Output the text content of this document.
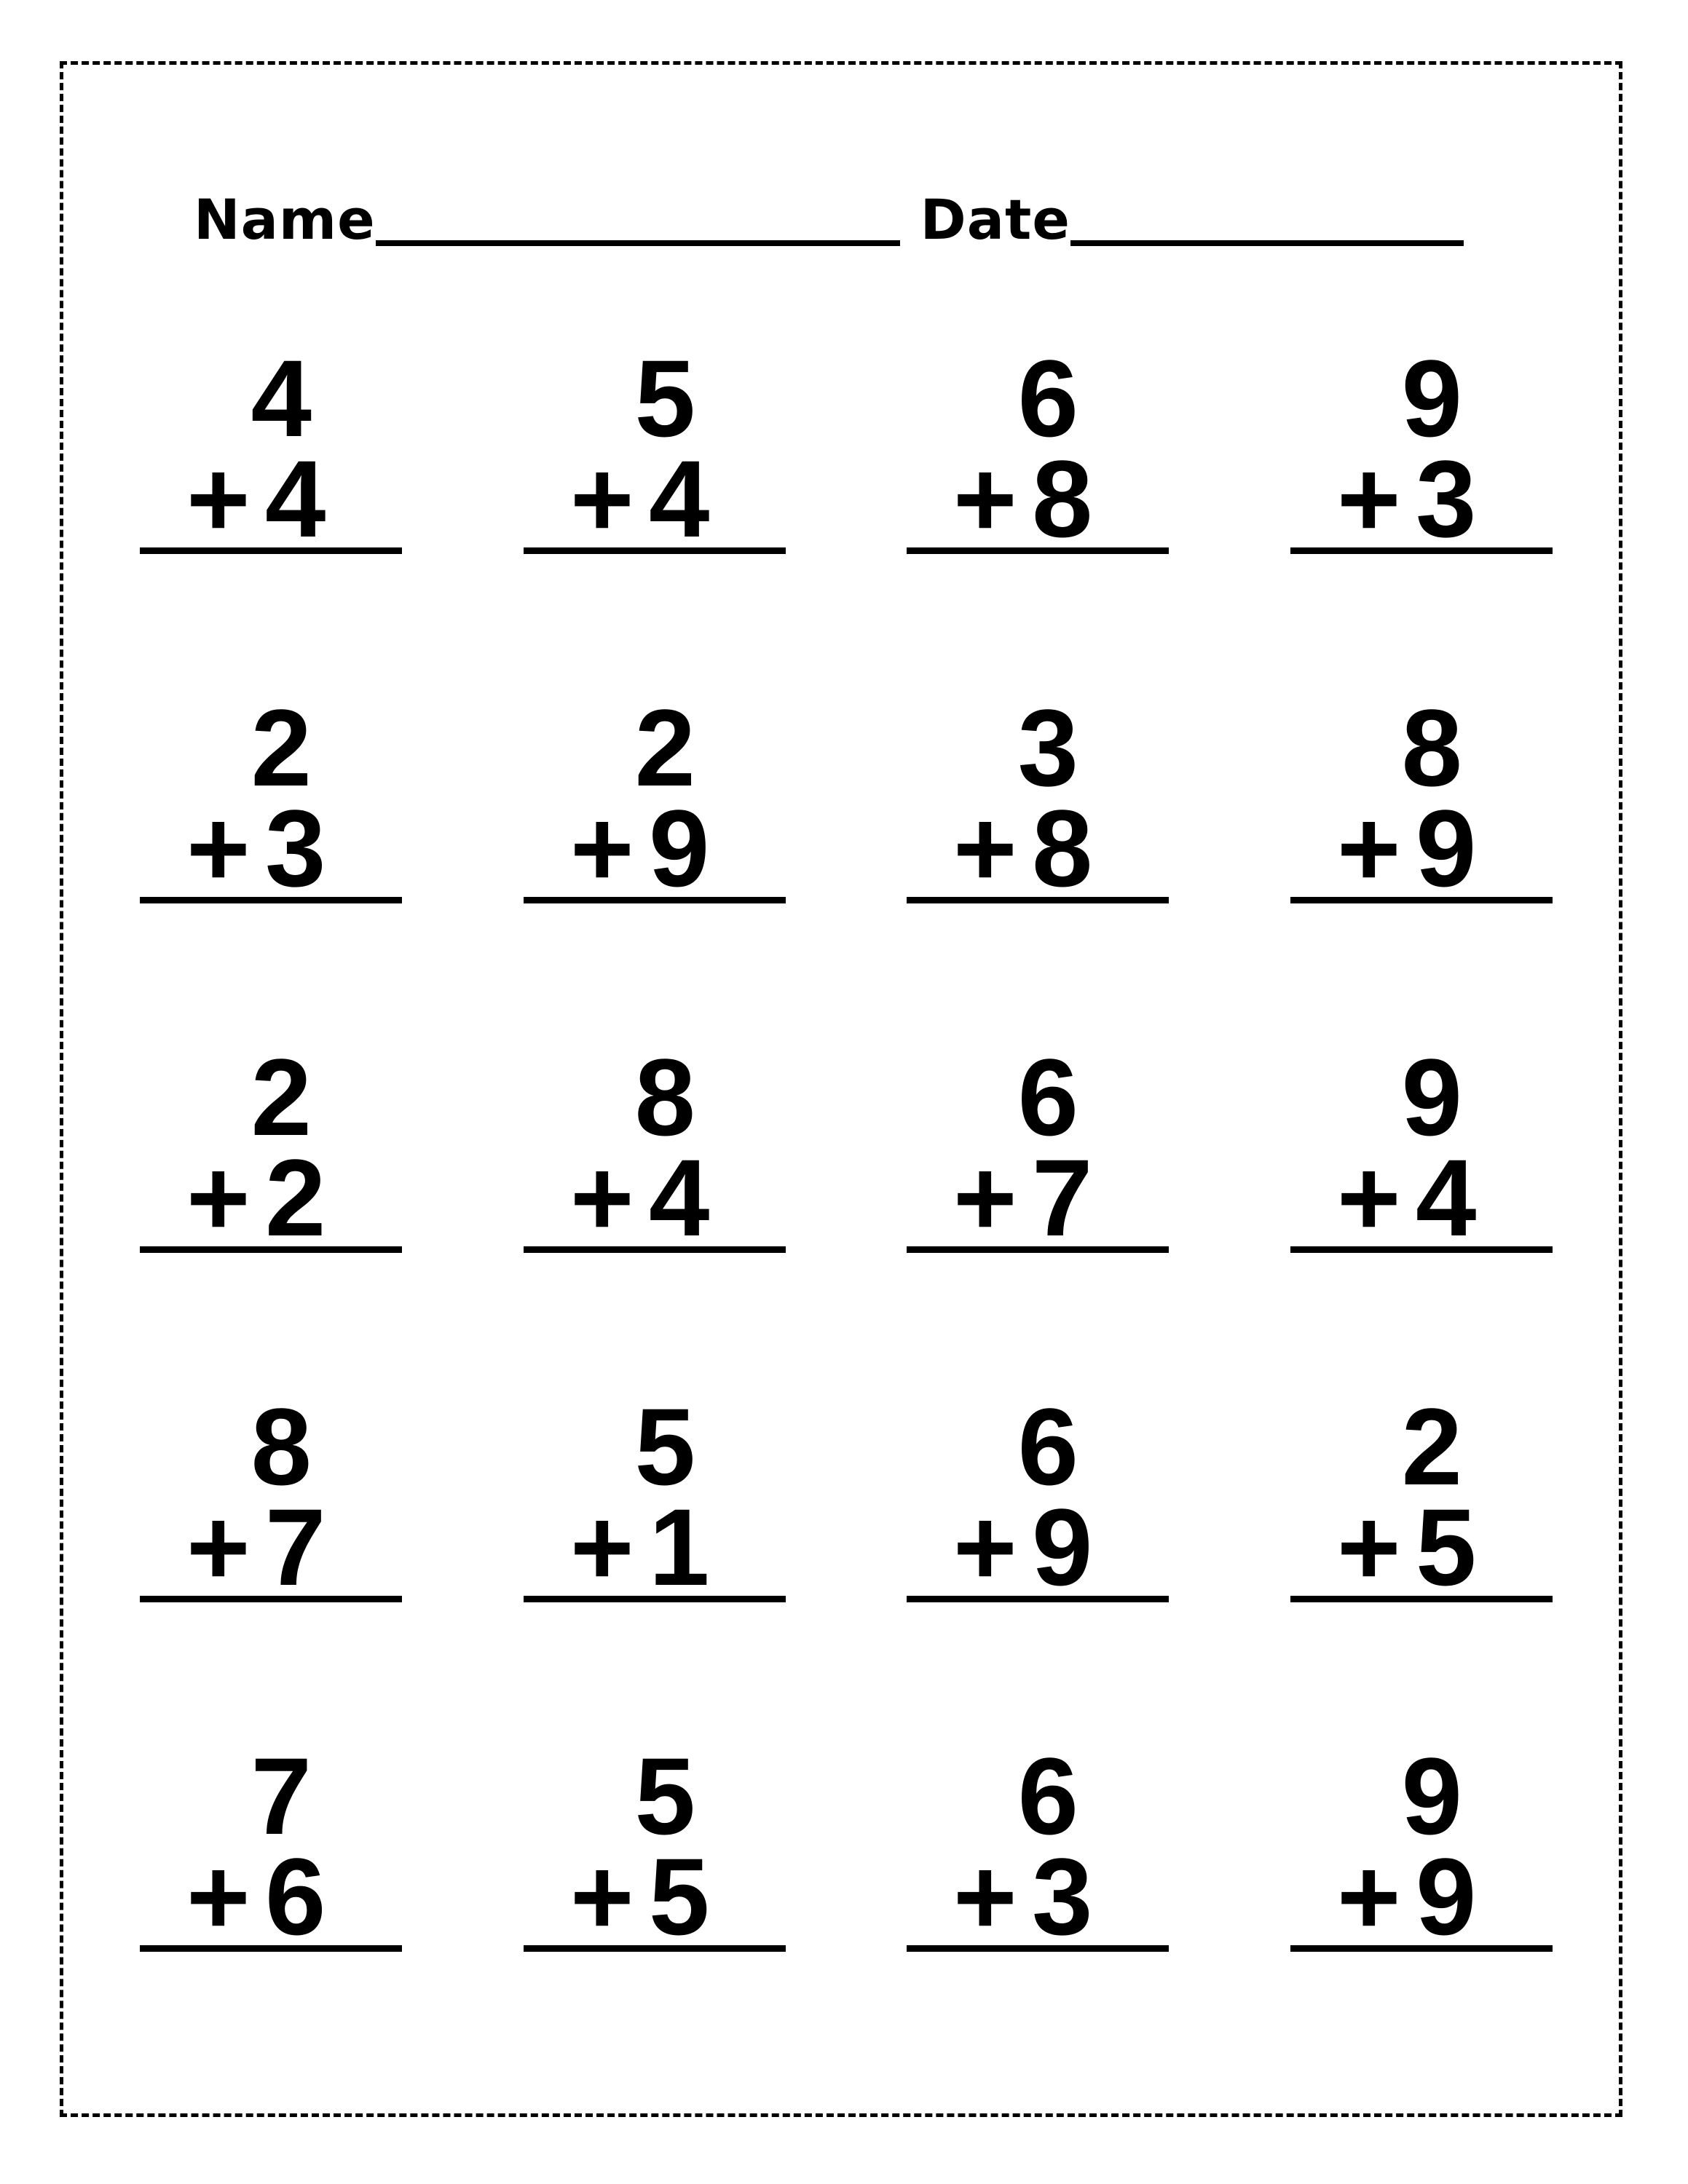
Name	Date
4
+ 4
5
+ 4
6
+ 8
9
+ 3
2
+ 3
2
+ 9
3
+ 8
8
+ 9
2
+ 2
8
+ 4
6
+ 7
9
+ 4
8
+ 7
5
+ 1
6
+ 9
2
+ 5
7
+ 6
5
+ 5
6
+ 3
9
+ 9
